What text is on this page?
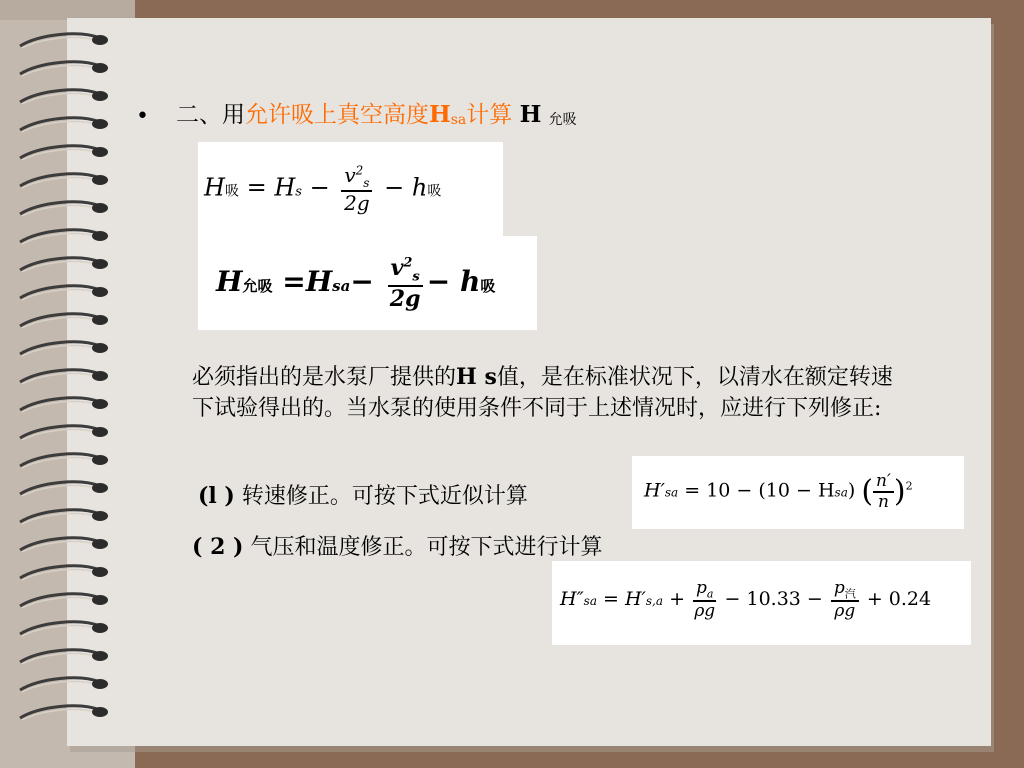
• 二、用允许吸上真空高度Hsa计算 H 允吸
H吸 = $Hs - \frac{v^2_s}{2g} - h$吸
H允吸 $=Hsa- \frac{v^2_s}{2g} - h$吸
必须指出的是水泵厂提供的H s值，是在标准状况下，以清水在额定转速下试验得出的。当水泵的使用条件不同于上述情况时，应进行下列修正:
(l ) 转速修正。可按下式近似计算	H′sa = 10 − (10 − Hsa) ( $\frac{n'}{n} )^2$
( 2 ) 气压和温度修正。可按下式进行计算
$H''sa = H's,a + \frac{p_a}{\rho g} - 10.33 - \frac{p_汽}{\rho g} + 0.24$
